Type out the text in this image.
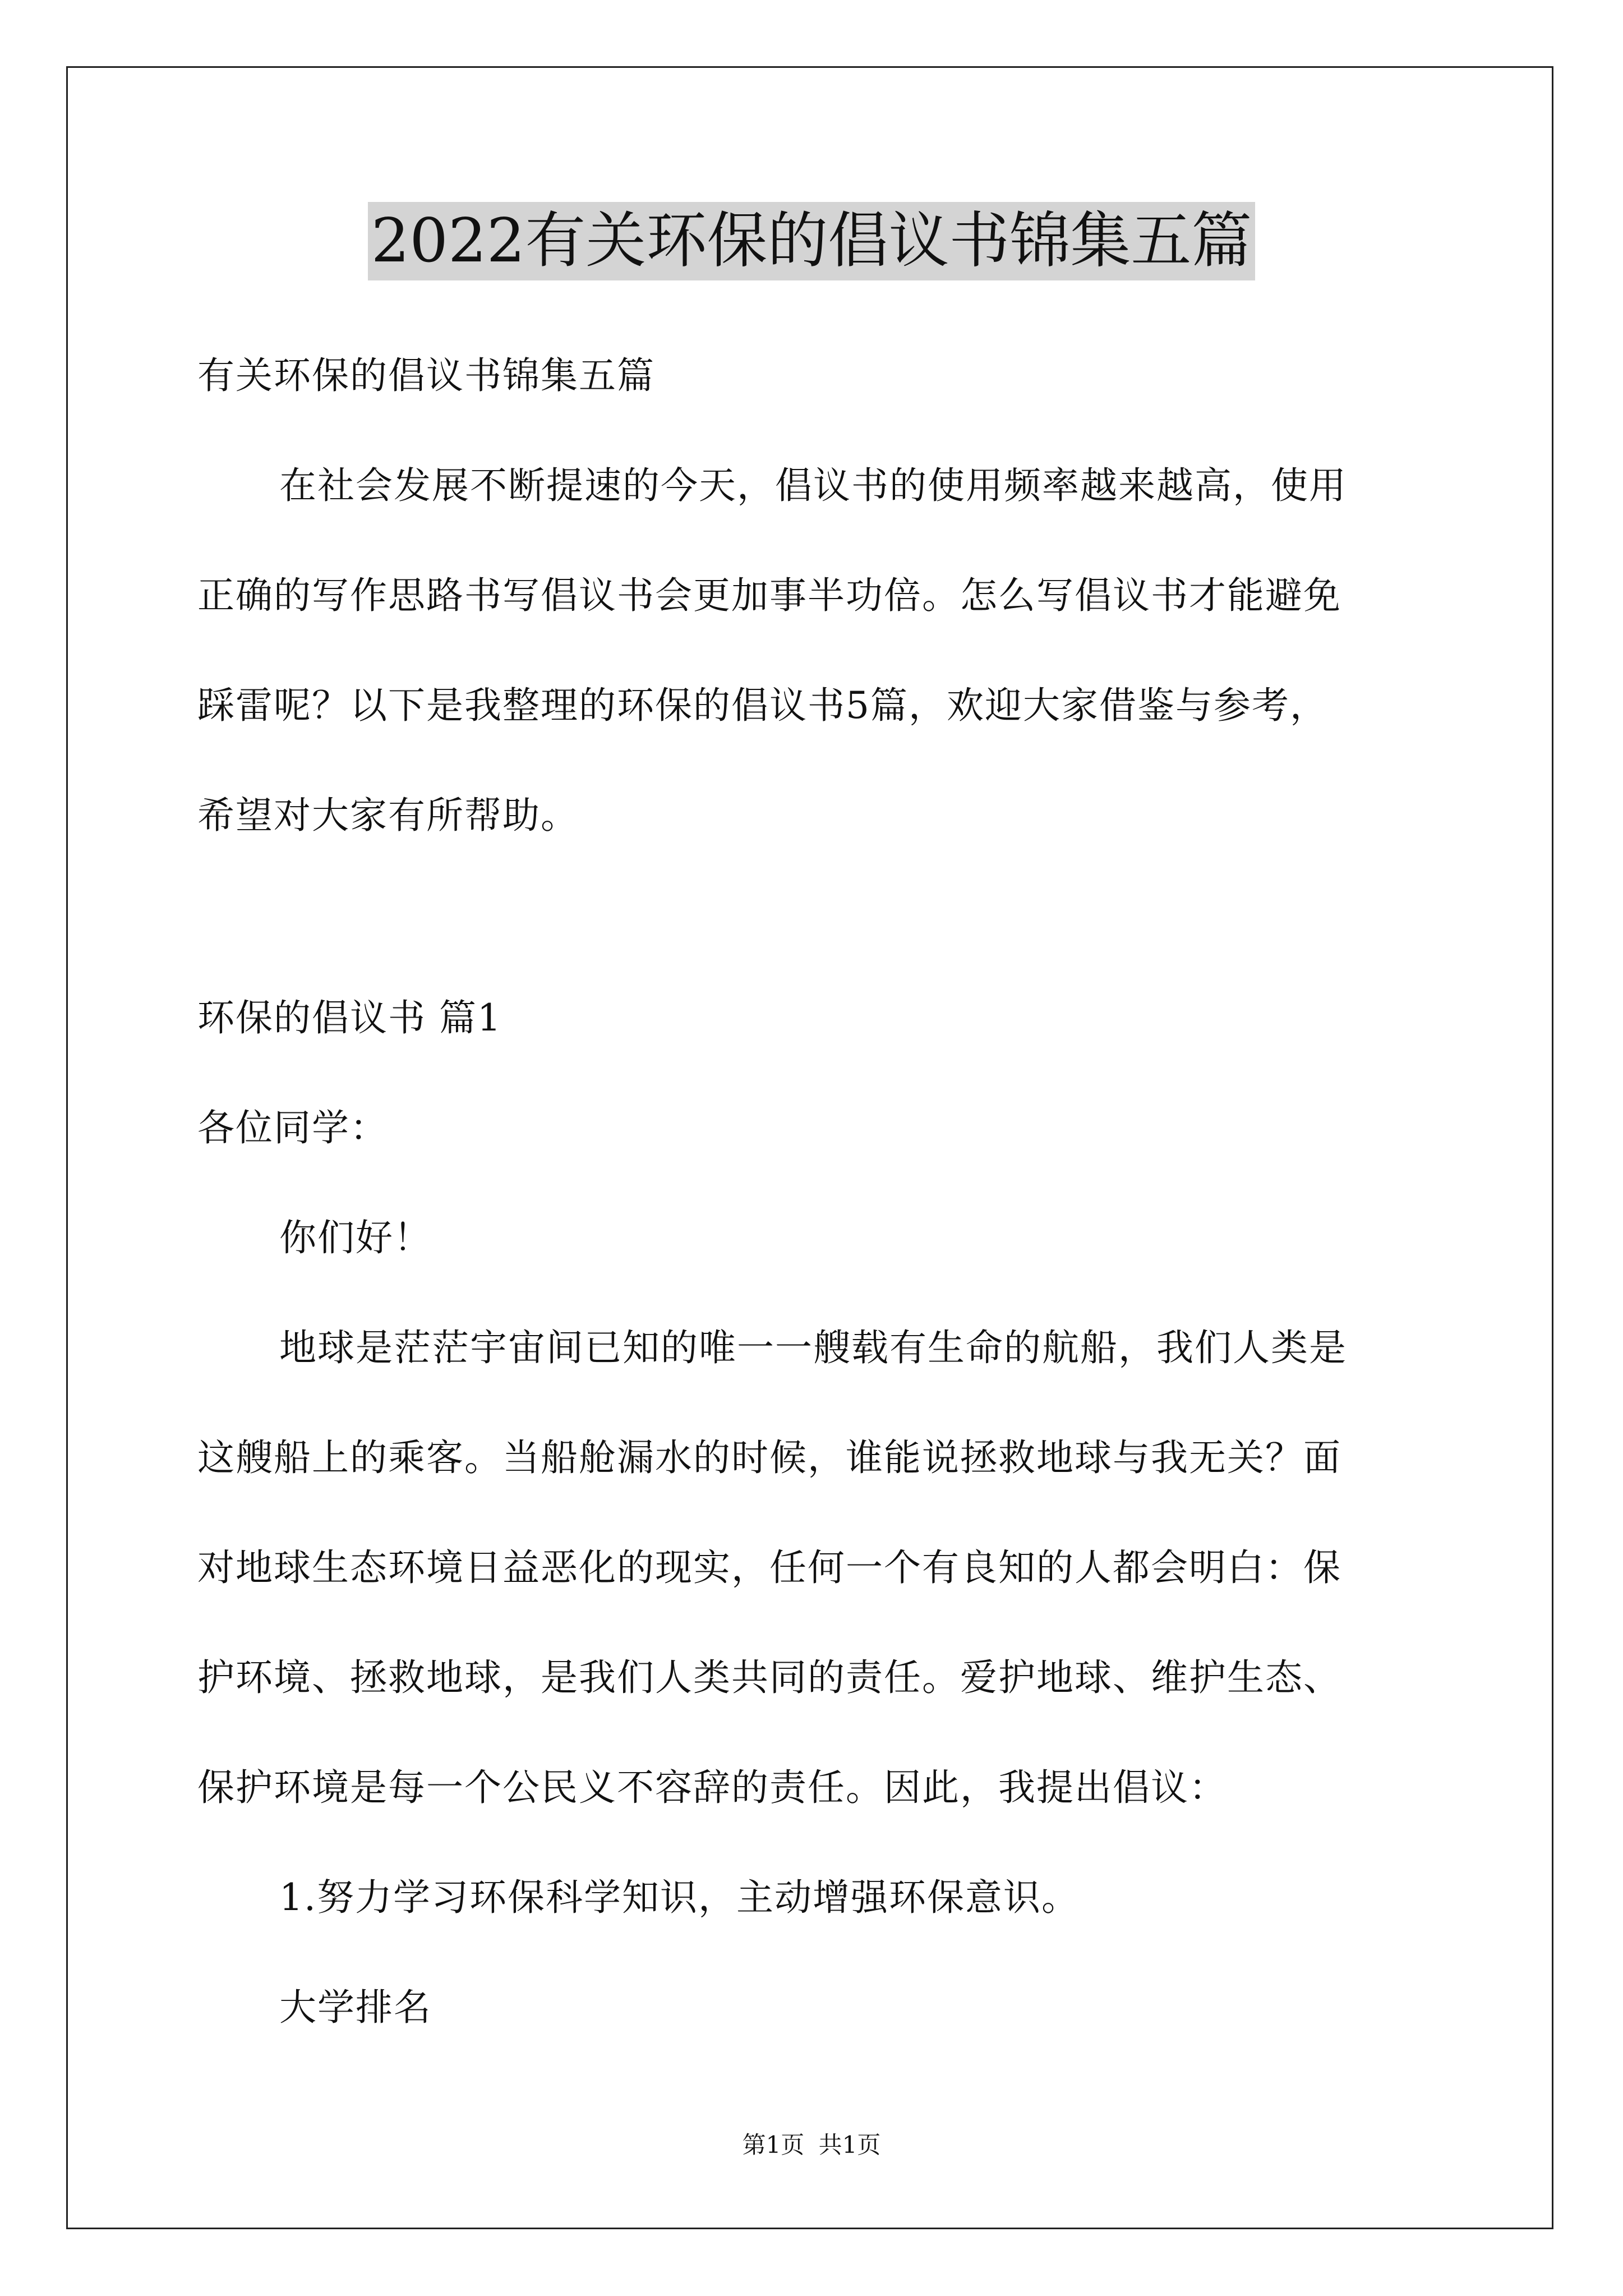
2022有关环保的倡议书锦集五篇
有关环保的倡议书锦集五篇
在社会发展不断提速的今天，倡议书的使用频率越来越高，使用
正确的写作思路书写倡议书会更加事半功倍。怎么写倡议书才能避免
踩雷呢？以下是我整理的环保的倡议书5篇，欢迎大家借鉴与参考，
希望对大家有所帮助。
环保的倡议书 篇1
各位同学：
你们好！
地球是茫茫宇宙间已知的唯一一艘载有生命的航船，我们人类是
这艘船上的乘客。当船舱漏水的时候，谁能说拯救地球与我无关？面
对地球生态环境日益恶化的现实，任何一个有良知的人都会明白：保
护环境、拯救地球，是我们人类共同的责任。爱护地球、维护生态、
保护环境是每一个公民义不容辞的责任。因此，我提出倡议：
1.努力学习环保科学知识，主动增强环保意识。
大学排名
第1页 共1页
